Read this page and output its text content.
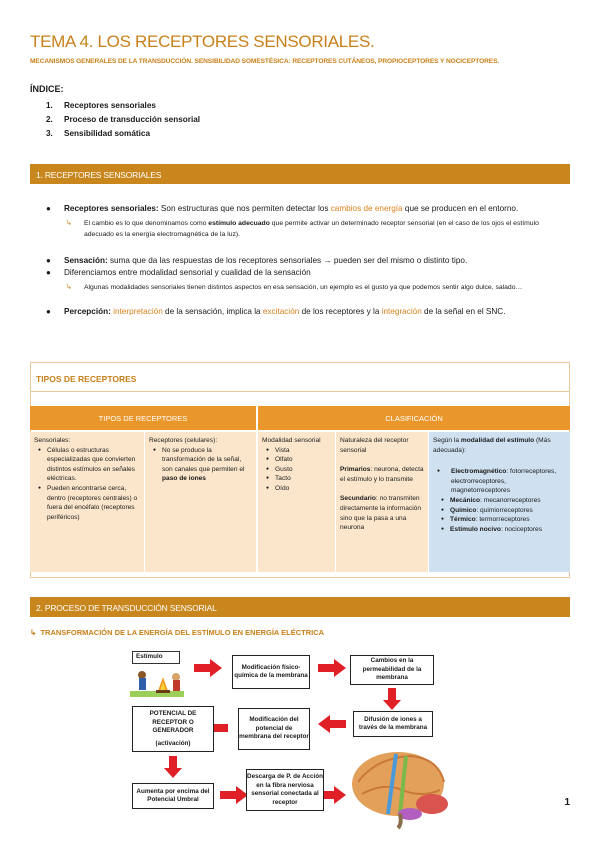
TEMA 4. LOS RECEPTORES SENSORIALES.
MECANISMOS GENERALES DE LA TRANSDUCCIÓN. SENSIBILIDAD SOMESTÉSICA: RECEPTORES CUTÁNEOS, PROPIOCEPTORES Y NOCICEPTORES.
ÍNDICE:
1. Receptores sensoriales
2. Proceso de transducción sensorial
3. Sensibilidad somática
1. RECEPTORES SENSORIALES
● Receptores sensoriales: Son estructuras que nos permiten detectar los cambios de energía que se producen en el entorno.
↳ El cambio es lo que denominamos como estímulo adecuado que permite activar un determinado receptor sensorial (en el caso de los ojos el estímulo adecuado es la energía electromagnética de la luz).
● Sensación: suma que da las respuestas de los receptores sensoriales → pueden ser del mismo o distinto tipo.
● Diferenciamos entre modalidad sensorial y cualidad de la sensación
↳ Algunas modalidades sensoriales tienen distintos aspectos en esa sensación, un ejemplo es el gusto ya que podemos sentir algo dulce, salado…
● Percepción: interpretación de la sensación, implica la excitación de los receptores y la integración de la señal en el SNC.
TIPOS DE RECEPTORES
TIPOS DE RECEPTORES	CLASIFICACIÓN
Sensoriales:
● Células o estructuras especializadas que convierten distintos estímulos en señales eléctricas.
● Pueden encontrarse cerca, dentro (receptores centrales) o fuera del encéfalo (receptores periféricos)
Receptores (celulares):
● No se produce la transformación de la señal, son canales que permiten el paso de iones
Modalidad sensorial
● Vista
● Olfato
● Gusto
● Tacto
● Oído
Naturaleza del receptor sensorial
Primarios: neurona, detecta el estímulo y lo transmite
Secundario: no transmiten directamente la información sino que la pasa a una neurona
Según la modalidad del estímulo (Más adecuada):
● Electromagnético: fotorreceptores, electrorreceptores, magnetorreceptores
● Mecánico: mecanorreceptores
● Químico: quimiorreceptores
● Térmico: termorreceptores
● Estímulo nocivo: nociceptores
2. PROCESO DE TRANSDUCCIÓN SENSORIAL
↳  TRANSFORMACIÓN DE LA ENERGÍA DEL ESTÍMULO EN ENERGÍA ELÉCTRICA
Estímulo
Modificación físico-química de la membrana
Cambios en la permeabilidad de la membrana
Difusión de iones a través de la membrana
Modificación del potencial de membrana del receptor
POTENCIAL DE RECEPTOR O GENERADOR
(activación)
Aumenta por encima del Potencial Umbral
Descarga de P. de Acción en la fibra nerviosa sensorial conectada al receptor	1
